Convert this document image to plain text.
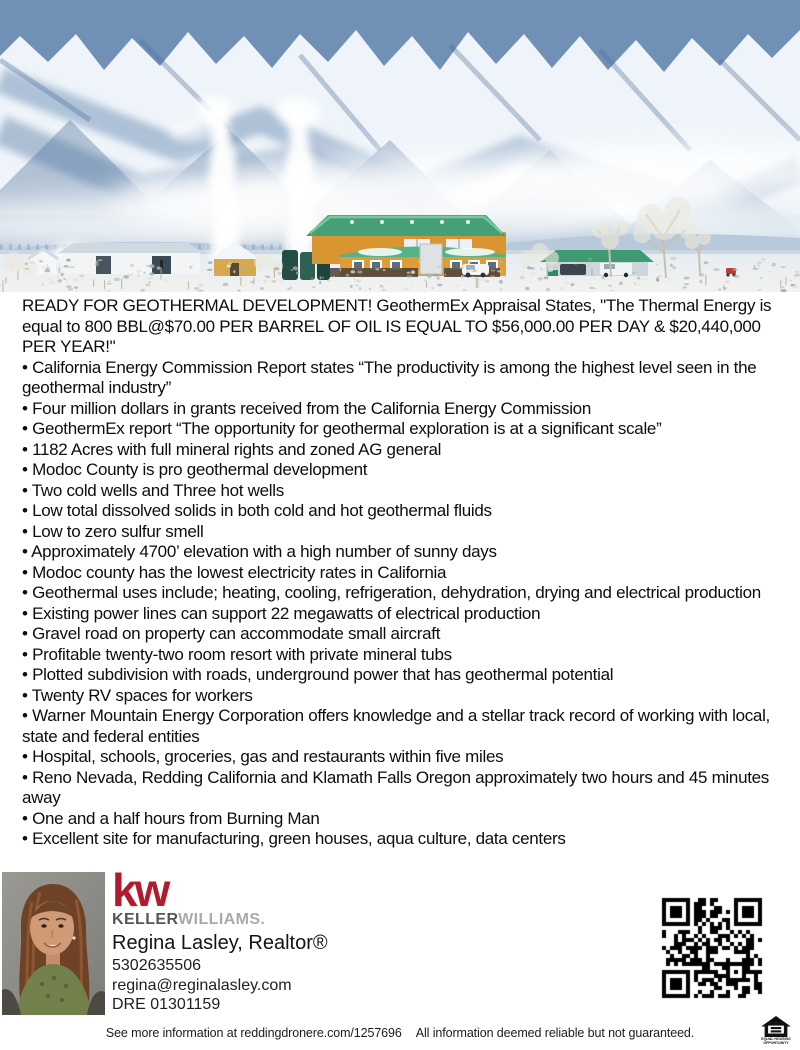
READY FOR GEOTHERMAL DEVELOPMENT! GeothermEx Appraisal States, "The Thermal Energy is equal to 800 BBL@$70.00 PER BARREL OF OIL IS EQUAL TO $56,000.00 PER DAY & $20,440,000 PER YEAR!"

• California Energy Commission Report states “The productivity is among the highest level seen in the geothermal industry”
• Four million dollars in grants received from the California Energy Commission
• GeothermEx report “The opportunity for geothermal exploration is at a significant scale”
• 1182 Acres with full mineral rights and zoned AG general
• Modoc County is pro geothermal development
• Two cold wells and Three hot wells
• Low total dissolved solids in both cold and hot geothermal fluids
• Low to zero sulfur smell
• Approximately 4700’ elevation with a high number of sunny days
• Modoc county has the lowest electricity rates in California
• Geothermal uses include; heating, cooling, refrigeration, dehydration, drying and electrical production
• Existing power lines can support 22 megawatts of electrical production
• Gravel road on property can accommodate small aircraft
• Profitable twenty-two room resort with private mineral tubs
• Plotted subdivision with roads, underground power that has geothermal potential
• Twenty RV spaces for workers
• Warner Mountain Energy Corporation offers knowledge and a stellar track record of working with local, state and federal entities
• Hospital, schools, groceries, gas and restaurants within five miles
• Reno Nevada, Redding California and Klamath Falls Oregon approximately two hours and 45 minutes away
• One and a half hours from Burning Man
• Excellent site for manufacturing, green houses, aqua culture, data centers
kw
KELLERWILLIAMS.
Regina Lasley, Realtor®
5302635506
regina@reginalasley.com
DRE 01301159
See more information at reddingdronere.com/1257696 All information deemed reliable but not guaranteed.	EQUAL HOUSING
OPPORTUNITY
